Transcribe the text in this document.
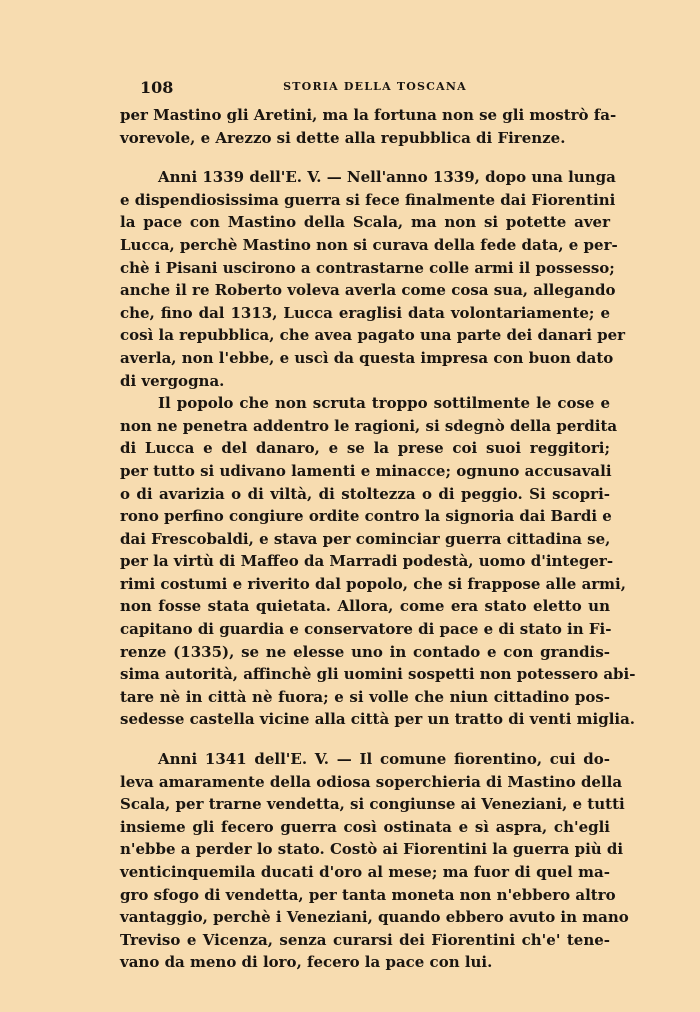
108	STORIA DELLA TOSCANA
per Mastino gli Aretini, ma la fortuna non se gli mostrò fa-
vorevole, e Arezzo si dette alla repubblica di Firenze.
Anni 1339 dell'E. V. — Nell'anno 1339, dopo una lunga
e dispendiosissima guerra si fece finalmente dai Fiorentini
la pace con Mastino della Scala, ma non si potette aver
Lucca, perchè Mastino non si curava della fede data, e per-
chè i Pisani uscirono a contrastarne colle armi il possesso;
anche il re Roberto voleva averla come cosa sua, allegando
che, fino dal 1313, Lucca eraglisi data volontariamente; e
così la repubblica, che avea pagato una parte dei danari per
averla, non l'ebbe, e uscì da questa impresa con buon dato
di vergogna.
Il popolo che non scruta troppo sottilmente le cose e
non ne penetra addentro le ragioni, si sdegnò della perdita
di Lucca e del danaro, e se la prese coi suoi reggitori;
per tutto si udivano lamenti e minacce; ognuno accusavali
o di avarizia o di viltà, di stoltezza o di peggio. Si scopri-
rono perfino congiure ordite contro la signoria dai Bardi e
dai Frescobaldi, e stava per cominciar guerra cittadina se,
per la virtù di Maffeo da Marradi podestà, uomo d'integer-
rimi costumi e riverito dal popolo, che si frappose alle armi,
non fosse stata quietata. Allora, come era stato eletto un
capitano di guardia e conservatore di pace e di stato in Fi-
renze (1335), se ne elesse uno in contado e con grandis-
sima autorità, affinchè gli uomini sospetti non potessero abi-
tare nè in città nè fuora; e si volle che niun cittadino pos-
sedesse castella vicine alla città per un tratto di venti miglia.
Anni 1341 dell'E. V. — Il comune fiorentino, cui do-
leva amaramente della odiosa soperchieria di Mastino della
Scala, per trarne vendetta, si congiunse ai Veneziani, e tutti
insieme gli fecero guerra così ostinata e sì aspra, ch'egli
n'ebbe a perder lo stato. Costò ai Fiorentini la guerra più di
venticinquemila ducati d'oro al mese; ma fuor di quel ma-
gro sfogo di vendetta, per tanta moneta non n'ebbero altro
vantaggio, perchè i Veneziani, quando ebbero avuto in mano
Treviso e Vicenza, senza curarsi dei Fiorentini ch'e' tene-
vano da meno di loro, fecero la pace con lui.
